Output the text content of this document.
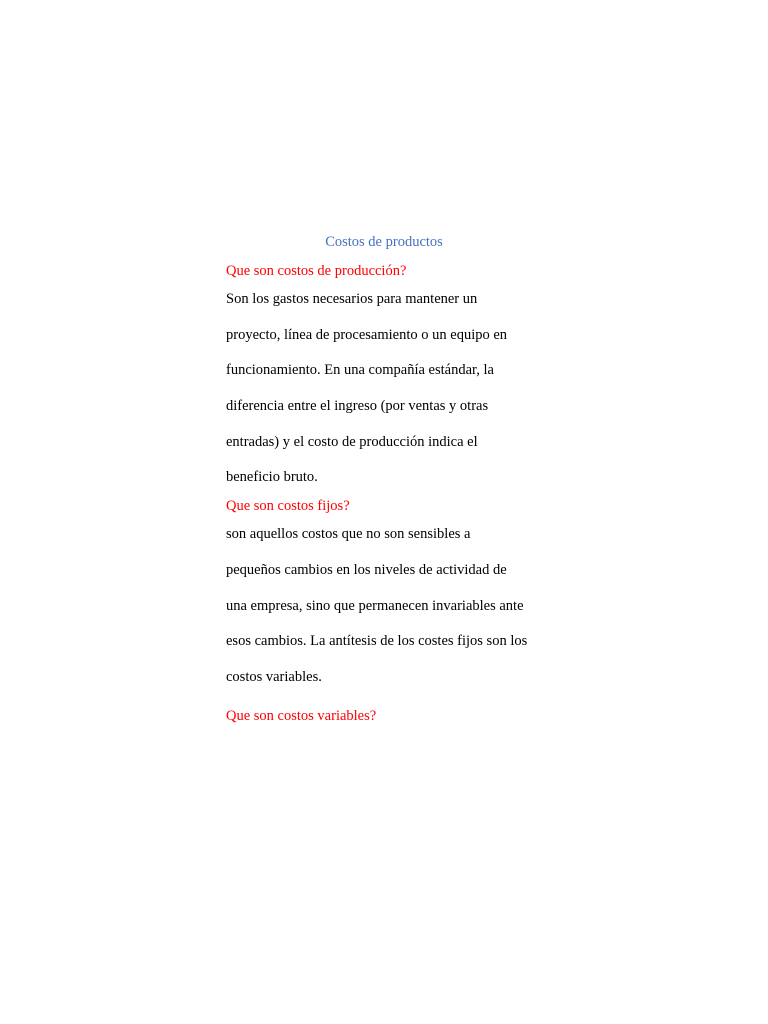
Costos de productos

Que son costos de producción?

Son los gastos necesarios para mantener un
proyecto, línea de procesamiento o un equipo en
funcionamiento. En una compañía estándar, la
diferencia entre el ingreso (por ventas y otras
entradas) y el costo de producción indica el
beneficio bruto.

Que son costos fijos?

son aquellos costos que no son sensibles a
pequeños cambios en los niveles de actividad de
una empresa, sino que permanecen invariables ante
esos cambios. La antítesis de los costes fijos son los
costos variables.

Que son costos variables?
